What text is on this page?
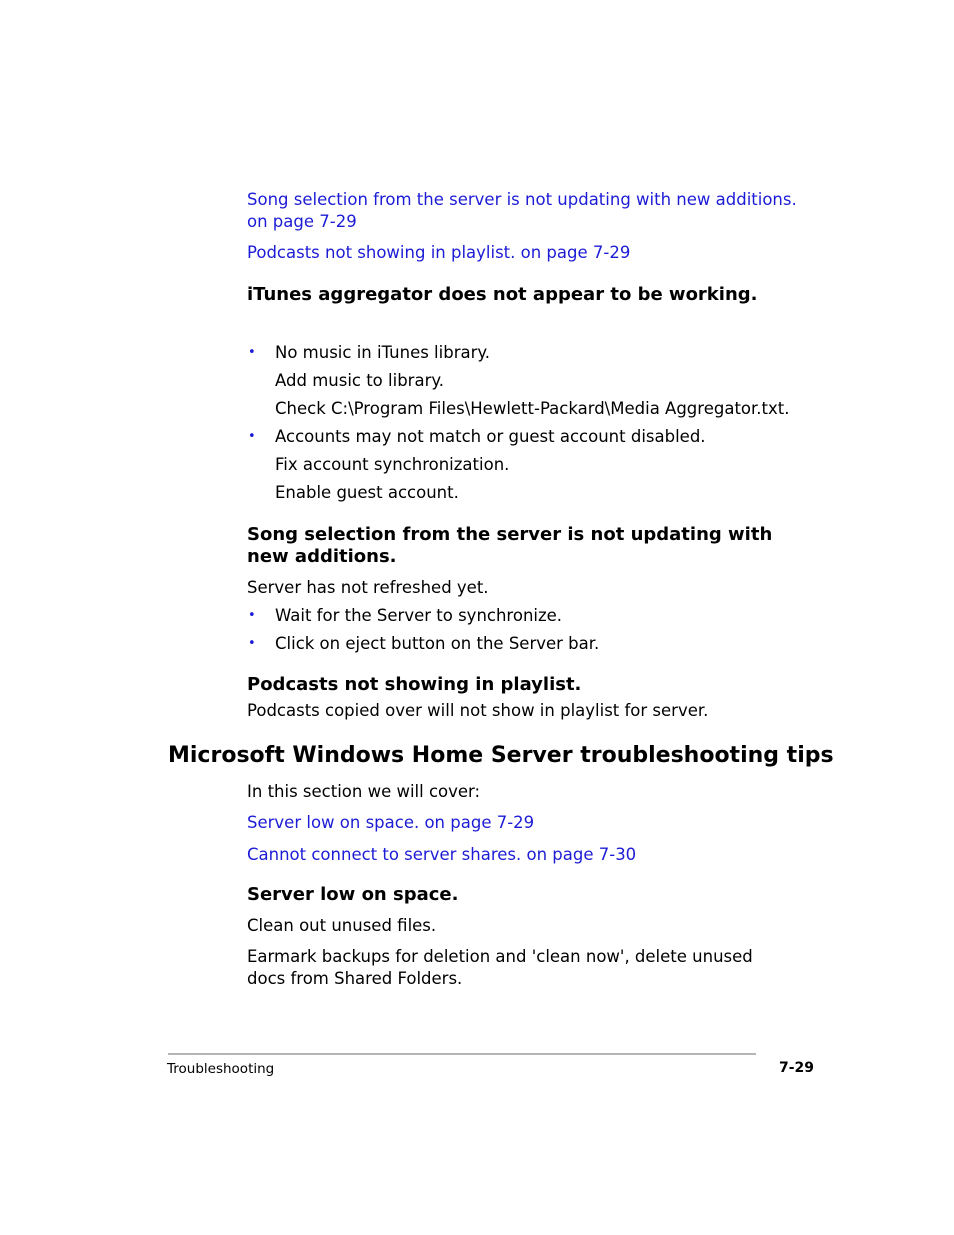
Song selection from the server is not updating with new additions. on page 7-29
Podcasts not showing in playlist. on page 7-29
iTunes aggregator does not appear to be working.
• No music in iTunes library.
Add music to library.
Check C:\Program Files\Hewlett-Packard\Media Aggregator.txt.
• Accounts may not match or guest account disabled.
Fix account synchronization.
Enable guest account.
Song selection from the server is not updating with new additions.
Server has not refreshed yet.
• Wait for the Server to synchronize.
• Click on eject button on the Server bar.
Podcasts not showing in playlist.
Podcasts copied over will not show in playlist for server.
Microsoft Windows Home Server troubleshooting tips
In this section we will cover:
Server low on space. on page 7-29
Cannot connect to server shares. on page 7-30
Server low on space.
Clean out unused files.
Earmark backups for deletion and 'clean now', delete unused docs from Shared Folders.
Troubleshooting	7-29
